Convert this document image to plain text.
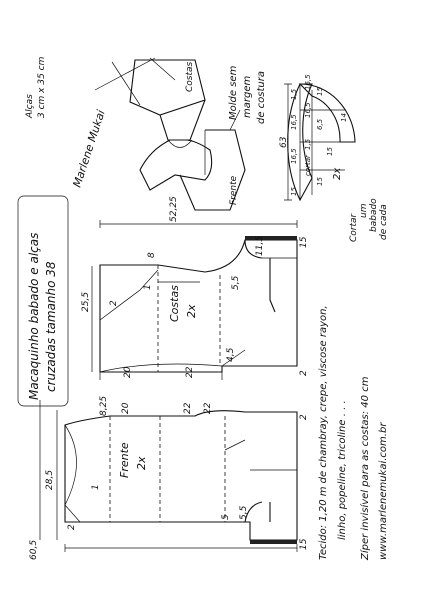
Macaquinho babado e alças cruzadas tamanho 38	Costas 2x
25,5
52,25
8
20	22
4,5
2
1	5,5
15
11,5
2
Frente 2x
28,5
60,5
8,25 20	22 22
2
1
5 5,5
15
2
2x
63
1,5
16,5
16,5
15
6,5
15
16,5
16,5
1,5
14
cortar
15
15
Molde sem margem de costura
Cortar
um babado de cada
Alças 3 cm x 35 cm	Costas
Frente
Marlene Mukai
Tecido: 1,20 m de chambray, crepe, viscose rayon, linho, popeline, tricoline . . . Zíper invisível para as costas: 40 cm www.marlenemukai.com.br
